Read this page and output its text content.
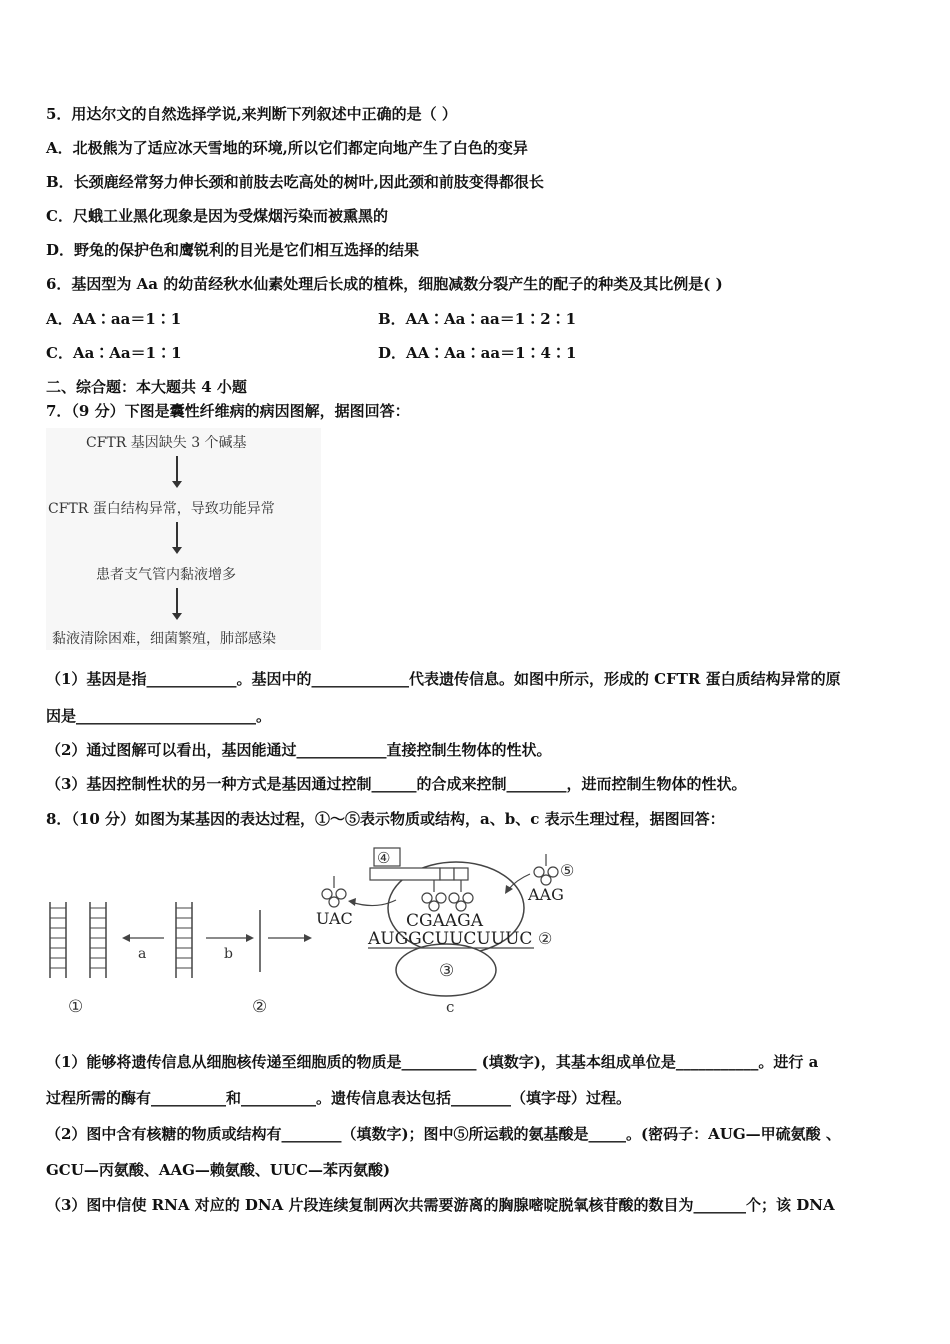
5．用达尔文的自然选择学说,来判断下列叙述中正确的是（ ）
A．北极熊为了适应冰天雪地的环境,所以它们都定向地产生了白色的变异
B．长颈鹿经常努力伸长颈和前肢去吃高处的树叶,因此颈和前肢变得都很长
C．尺蛾工业黑化现象是因为受煤烟污染而被熏黑的
D．野兔的保护色和鹰锐利的目光是它们相互选择的结果
6．基因型为 Aa 的幼苗经秋水仙素处理后长成的植株，细胞减数分裂产生的配子的种类及其比例是( )
A．AA∶aa＝1∶1	B．AA∶Aa∶aa＝1∶2∶1
C．Aa∶Aa＝1∶1	D．AA∶Aa∶aa＝1∶4∶1
二、综合题：本大题共 4 小题
7．（9 分）下图是囊性纤维病的病因图解，据图回答：
CFTR 基因缺失 3 个碱基
CFTR 蛋白结构异常，导致功能异常
患者支气管内黏液增多
黏液清除困难，细菌繁殖，肺部感染
（1）基因是指____________。基因中的_____________代表遗传信息。如图中所示，形成的 CFTR 蛋白质结构异常的原
因是________________________。
（2）通过图解可以看出，基因能通过____________直接控制生物体的性状。
（3）基因控制性状的另一种方式是基因通过控制______的合成来控制________，进而控制生物体的性状。
8．（10 分）如图为某基因的表达过程，①～⑤表示物质或结构，a、b、c 表示生理过程，据图回答：
①
a	b
②
③
④
UAC
⑤
AAG
CGAAGA
AUGGCUUCUUUC ②
c
（1）能够将遗传信息从细胞核传递至细胞质的物质是__________ (填数字)，其基本组成单位是___________。进行 a
过程所需的酶有__________和__________。遗传信息表达包括________（填字母）过程。
（2）图中含有核糖的物质或结构有________（填数字)；图中⑤所运载的氨基酸是_____。(密码子：AUG—甲硫氨酸 、
GCU—丙氨酸、AAG—赖氨酸、UUC—苯丙氨酸)
（3）图中信使 RNA 对应的 DNA 片段连续复制两次共需要游离的胸腺嘧啶脱氧核苷酸的数目为_______个；该 DNA
